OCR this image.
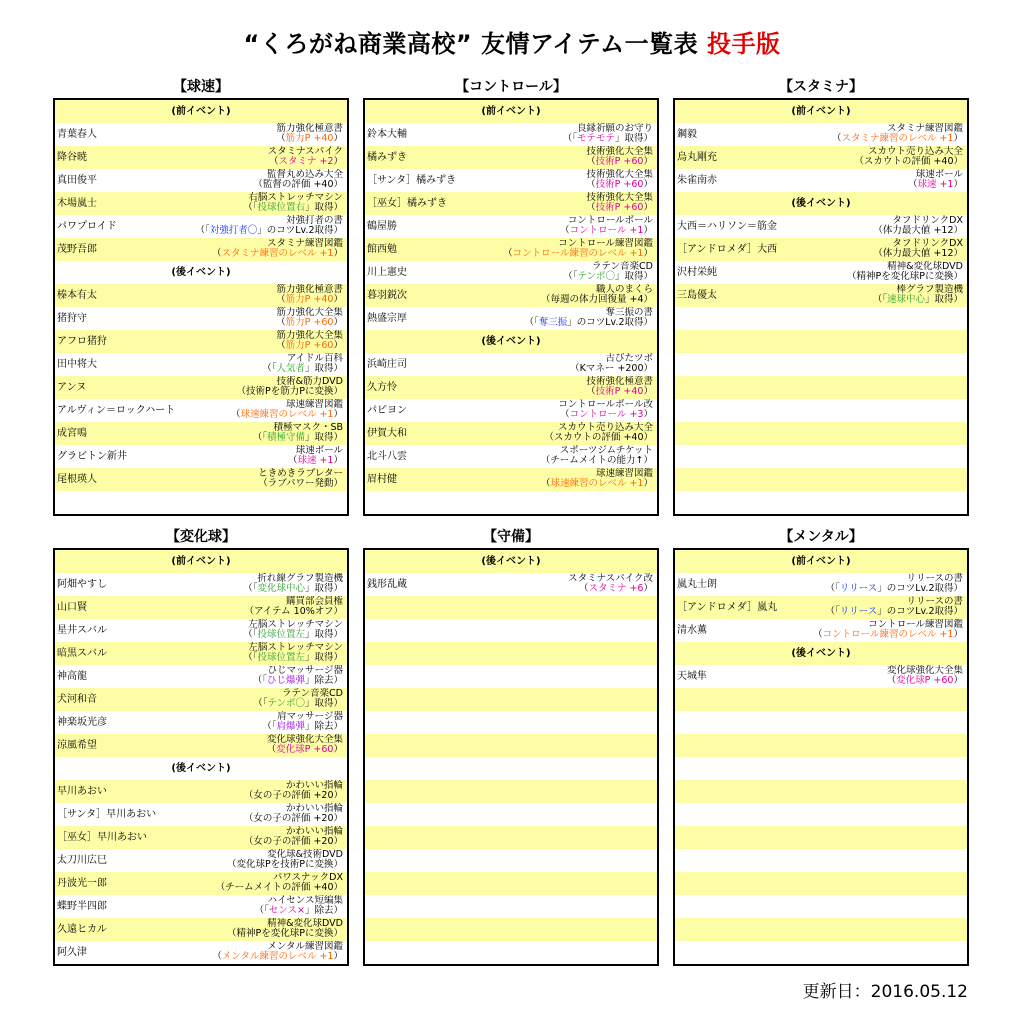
“くろがね商業高校” 友情アイテム一覧表 投手版
【球速】
(前イベント)
青葉春人
筋力強化極意書
（筋力P +40）
降谷暁
スタミナスパイク
（スタミナ +2）
真田俊平
監督丸め込み大全
（監督の評価 +40）
木場嵐士
右脳ストレッチマシン
（「投球位置右」取得）
パワプロイド
対強打者の書
（「対強打者〇」のコツLv.2取得）
茂野吾郎
スタミナ練習図鑑
（スタミナ練習のレベル +1）
(後イベント)
榛本有太
筋力強化極意書
（筋力P +40）
猪狩守
筋力強化大全集
（筋力P +60）
アフロ猪狩
筋力強化大全集
（筋力P +60）
田中将大
アイドル百科
（「人気者」取得）
アンヌ
技術&筋力DVD
（技術Pを筋力Pに変換）
アルヴィン＝ロックハート
球速練習図鑑
（球速練習のレベル +1）
成宮鳴
積極マスク・SB
（「積極守備」取得）
グラビトン新井
球速ボール
（球速 +1）
尾根瑛人
ときめきラブレター
（ラブパワー発動）
【コントロール】
(前イベント)
鈴本大輔
良縁祈願のお守り
（「モテモテ」取得）
橘みずき
技術強化大全集
（技術P +60）
［サンタ］橘みずき
技術強化大全集
（技術P +60）
［巫女］橘みずき
技術強化大全集
（技術P +60）
鶴屋勝
コントロールボール
（コントロール +1）
館西勉
コントロール練習図鑑
（コントロール練習のレベル +1）
川上憲史
ラテン音楽CD
（「テンポ〇」取得）
暮羽鋭次
職人のまくら
（毎週の体力回復量 +4）
熱盛宗厚
奪三振の書
（「奪三振」のコツLv.2取得）
(後イベント)
浜崎庄司
古びたツボ
（Kマネー +200）
久方怜
技術強化極意書
（技術P +40）
パピヨン
コントロールボール改
（コントロール +3）
伊賀大和
スカウト売り込み大全
（スカウトの評価 +40）
北斗八雲
スポーツジムチケット
（チームメイトの能力↑）
眉村健
球速練習図鑑
（球速練習のレベル +1）
【スタミナ】
(前イベント)
鋼毅
スタミナ練習図鑑
（スタミナ練習のレベル +1）
烏丸剛充
スカウト売り込み大全
（スカウトの評価 +40）
朱雀南赤
球速ボール
（球速 +1）
(後イベント)
大西＝ハリソン＝筋金
タフドリンクDX
（体力最大値 +12）
［アンドロメダ］大西
タフドリンクDX
（体力最大値 +12）
沢村栄純
精神&変化球DVD
（精神Pを変化球Pに変換）
三島優太
棒グラフ製造機
（「速球中心」取得）
【変化球】
(前イベント)
阿畑やすし
折れ線グラフ製造機
（「変化球中心」取得）
山口賢
購買部会員権
（アイテム 10%オフ）
星井スバル
左脳ストレッチマシン
（「投球位置左」取得）
暗黒スバル
左脳ストレッチマシン
（「投球位置左」取得）
神高龍
ひじマッサージ器
（「ひじ爆弾」除去）
犬河和音
ラテン音楽CD
（「テンポ〇」取得）
神楽坂光彦
肩マッサージ器
（「肩爆弾」除去）
涼風希望
変化球強化大全集
（変化球P +60）
(後イベント)
早川あおい
かわいい指輪
（女の子の評価 +20）
［サンタ］早川あおい
かわいい指輪
（女の子の評価 +20）
［巫女］早川あおい
かわいい指輪
（女の子の評価 +20）
太刀川広巳
変化球&技術DVD
（変化球Pを技術Pに変換）
丹波光一郎
パワスナックDX
（チームメイトの評価 +40）
蝶野半四郎
ハイセンス短編集
（「センス×」除去）
久遠ヒカル
精神&変化球DVD
（精神Pを変化球Pに変換）
阿久津
メンタル練習図鑑
（メンタル練習のレベル +1）
【守備】
(後イベント)
銭形乱蔵
スタミナスパイク改
（スタミナ +6）
【メンタル】
(前イベント)
嵐丸士朗
リリースの書
（「リリース」のコツLv.2取得）
［アンドロメダ］嵐丸
リリースの書
（「リリース」のコツLv.2取得）
清水薫
コントロール練習図鑑
（コントロール練習のレベル +1）
(後イベント)
天城隼
変化球強化大全集
（変化球P +60）
更新日：2016.05.12
